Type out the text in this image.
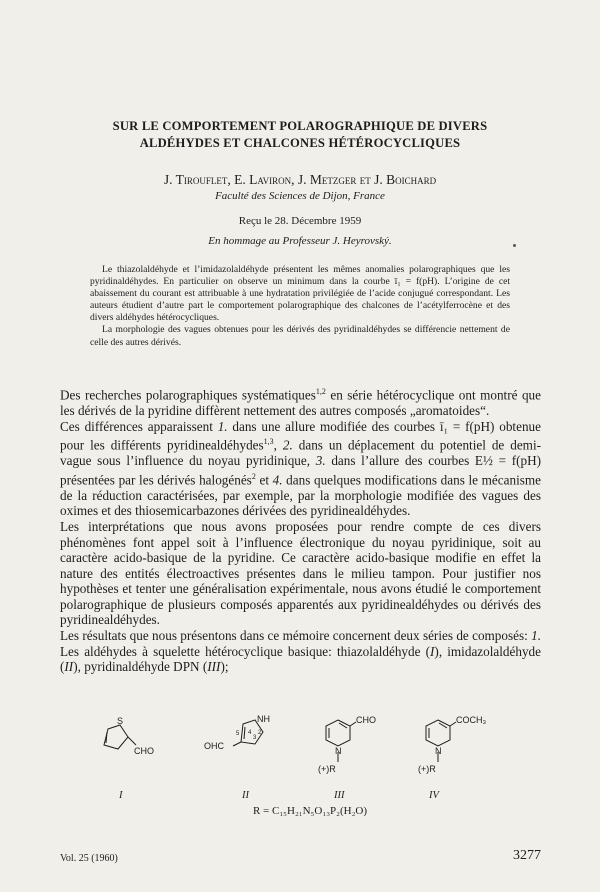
SUR LE COMPORTEMENT POLAROGRAPHIQUE DE DIVERS
ALDÉHYDES ET CHALCONES HÉTÉROCYCLIQUES
J. Tirouflet, E. Laviron, J. Metzger et J. Boichard
Faculté des Sciences de Dijon, France
Reçu le 28. Décembre 1959
En hommage au Professeur J. Heyrovský.

Le thiazolaldéhyde et l’imidazolaldéhyde présentent les mêmes anomalies polarographiques que les pyridinaldéhydes. En particulier on observe un minimum dans la courbe ī₁ = f(pH). L’origine de cet abaissement du courant est attribuable à une hydratation privilégiée de l’acide conjugué correspondant. Les auteurs étudient d’autre part le comportement polarographique des chalcones de l’acétylferrocène et des divers aldéhydes hétérocycliques.

La morphologie des vagues obtenues pour les dérivés des pyridinaldéhydes se différencie nettement de celle des autres dérivés.

Des recherches polarographiques systématiques$^{1,2}$ en série hétérocyclique ont montré que les dérivés de la pyridine diffèrent nettement des autres composés „aromatoides“.

Ces différences apparaissent 1. dans une allure modifiée des courbes ī₁ = f(pH) obtenue pour les différents pyridinealdéhydes$^{1,3}$, 2. dans un déplacement du potentiel de demi-vague sous l’influence du noyau pyridinique, 3. dans l’allure des courbes E½ = f(pH) présentées par les dérivés halogénés$^2$ et 4. dans quelques modifications dans le mécanisme de la réduction caractérisées, par exemple, par la morphologie modifiée des vagues des oximes et des thiosemicarbazones dérivées des pyridinealdéhydes.

Les interprétations que nous avons proposées pour rendre compte de ces divers phénomènes font appel soit à l’influence électronique du noyau pyridinique, soit au caractère acido-basique de la pyridine. Ce caractère acido-basique modifie en effet la nature des entités électroactives présentes dans le milieu tampon. Pour justifier nos hypothèses et tenter une généralisation expérimentale, nous avons étudié le comportement polarographique de plusieurs composés apparentés aux pyridinealdéhydes ou dérivés des pyridinealdéhydes.

Les résultats que nous présentons dans ce mémoire concernent deux séries de composés: 1. Les aldéhydes à squelette hétérocyclique basique: thiazolaldéhyde (I), imidazolaldéhyde (II), pyridinaldéhyde DPN (III);

S
CHO
I
NH
OHC
5 4
3
2
II
CHO
N
(+)R
III
COCH₃
N
(+)R
IV
R = C₁₅H₂₁N₅O₁₃P₂(H₂O)
Vol. 25 (1960)	3277
